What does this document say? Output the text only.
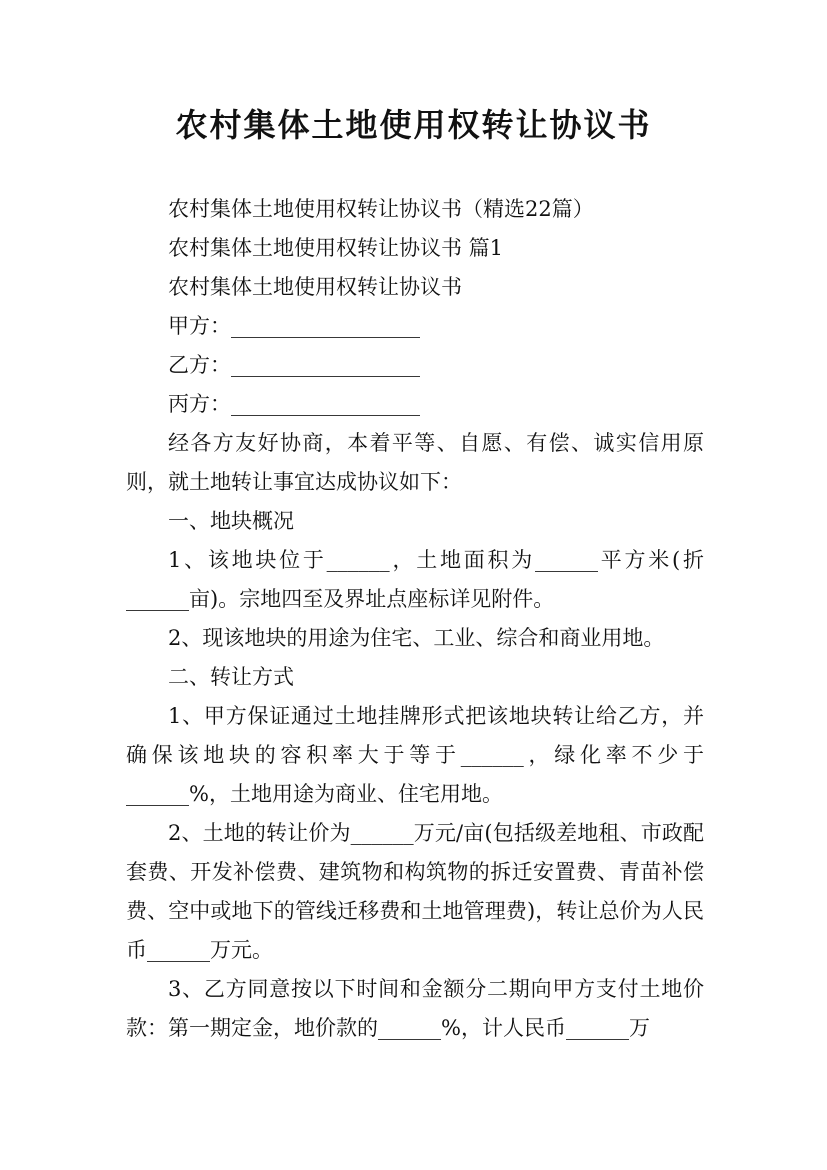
农村集体土地使用权转让协议书

农村集体土地使用权转让协议书（精选22篇）

农村集体土地使用权转让协议书 篇1

农村集体土地使用权转让协议书

甲方：__________________

乙方：__________________

丙方：__________________

经各方友好协商，本着平等、自愿、有偿、诚实信用原则，就土地转让事宜达成协议如下：

一、地块概况

1、该地块位于______，土地面积为______平方米(折______亩)。宗地四至及界址点座标详见附件。

2、现该地块的用途为住宅、工业、综合和商业用地。

二、转让方式

1、甲方保证通过土地挂牌形式把该地块转让给乙方，并确保该地块的容积率大于等于______，绿化率不少于______%，土地用途为商业、住宅用地。

2、土地的转让价为______万元/亩(包括级差地租、市政配套费、开发补偿费、建筑物和构筑物的拆迁安置费、青苗补偿费、空中或地下的管线迁移费和土地管理费)，转让总价为人民币______万元。

3、乙方同意按以下时间和金额分二期向甲方支付土地价款：第一期定金，地价款的______%，计人民币______万
